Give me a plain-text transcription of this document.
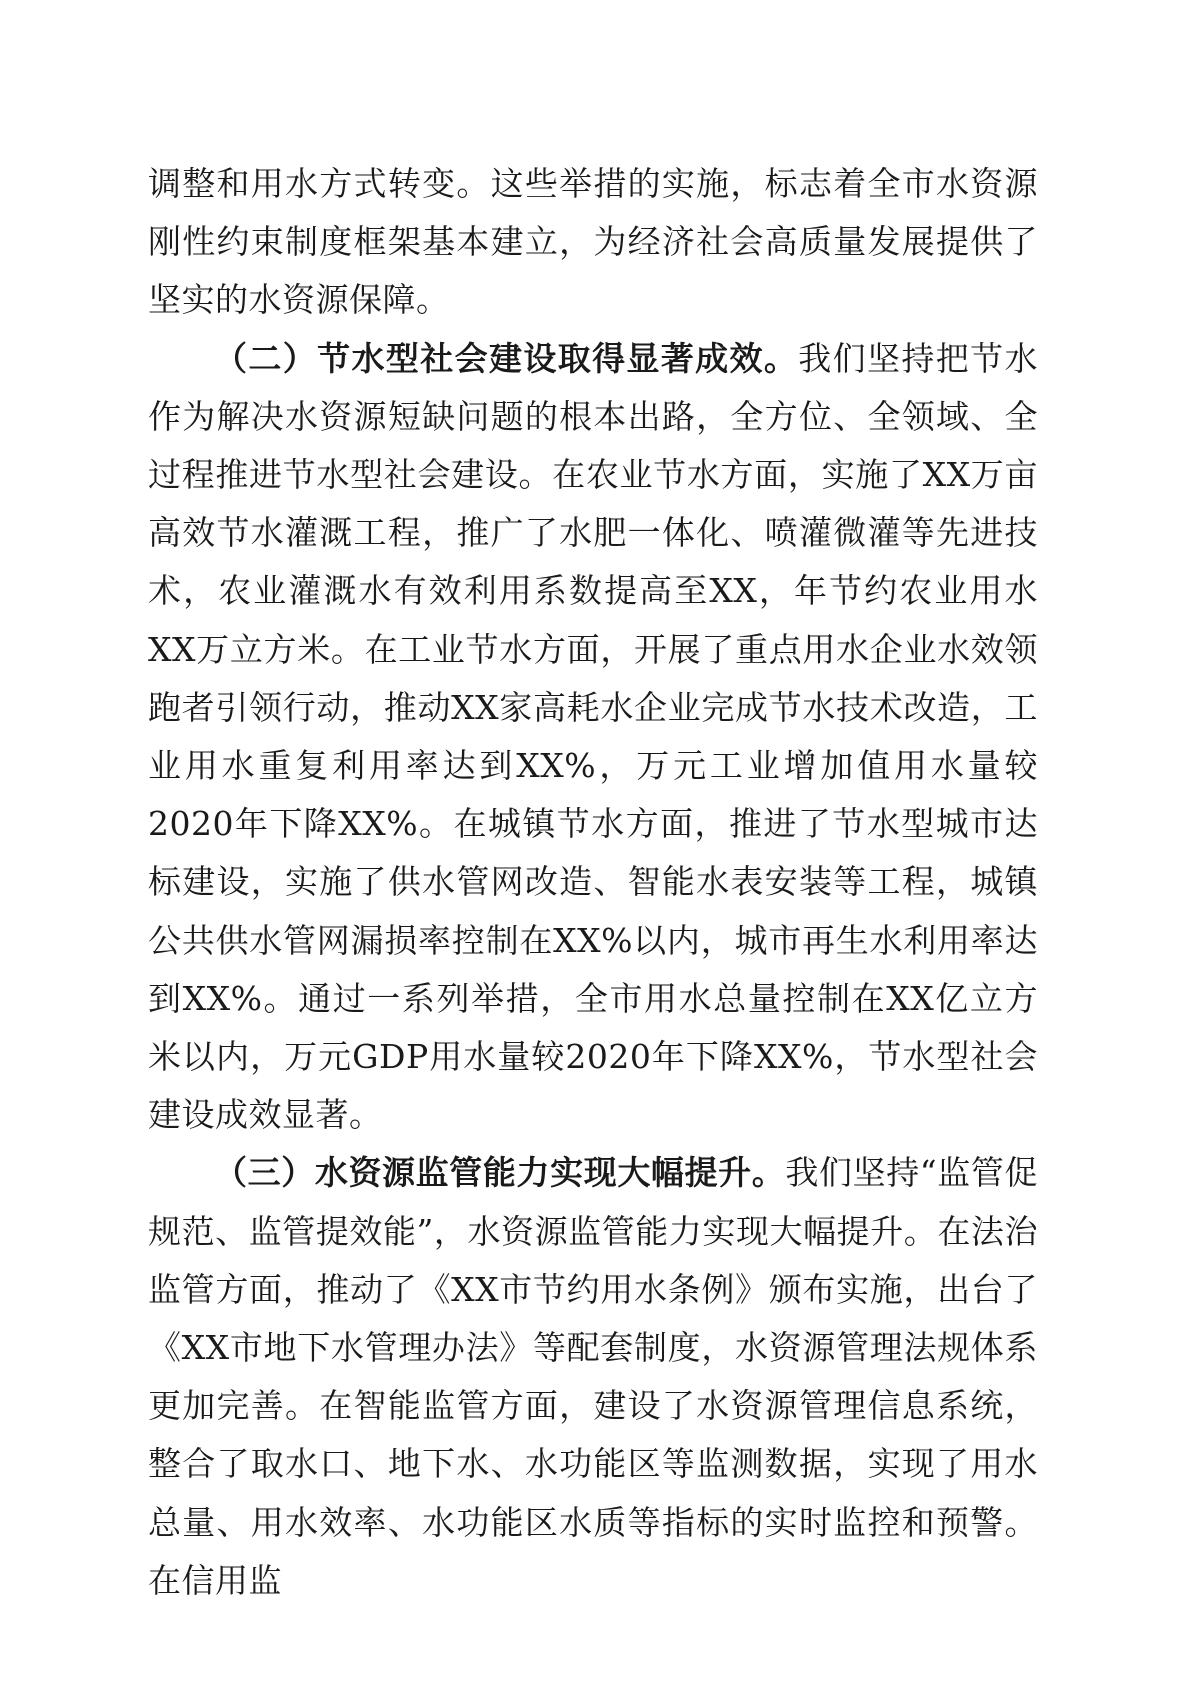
调整和用水方式转变。这些举措的实施，标志着全市水资源刚性约束制度框架基本建立，为经济社会高质量发展提供了坚实的水资源保障。

（二）节水型社会建设取得显著成效。我们坚持把节水作为解决水资源短缺问题的根本出路，全方位、全领域、全过程推进节水型社会建设。在农业节水方面，实施了XX万亩高效节水灌溉工程，推广了水肥一体化、喷灌微灌等先进技术，农业灌溉水有效利用系数提高至XX，年节约农业用水XX万立方米。在工业节水方面，开展了重点用水企业水效领跑者引领行动，推动XX家高耗水企业完成节水技术改造，工业用水重复利用率达到XX%，万元工业增加值用水量较2020年下降XX%。在城镇节水方面，推进了节水型城市达标建设，实施了供水管网改造、智能水表安装等工程，城镇公共供水管网漏损率控制在XX%以内，城市再生水利用率达到XX%。通过一系列举措，全市用水总量控制在XX亿立方米以内，万元GDP用水量较2020年下降XX%，节水型社会建设成效显著。

（三）水资源监管能力实现大幅提升。我们坚持“监管促规范、监管提效能”，水资源监管能力实现大幅提升。在法治监管方面，推动了《XX市节约用水条例》颁布实施，出台了《XX市地下水管理办法》等配套制度，水资源管理法规体系更加完善。在智能监管方面，建设了水资源管理信息系统，整合了取水口、地下水、水功能区等监测数据，实现了用水总量、用水效率、水功能区水质等指标的实时监控和预警。在信用监
